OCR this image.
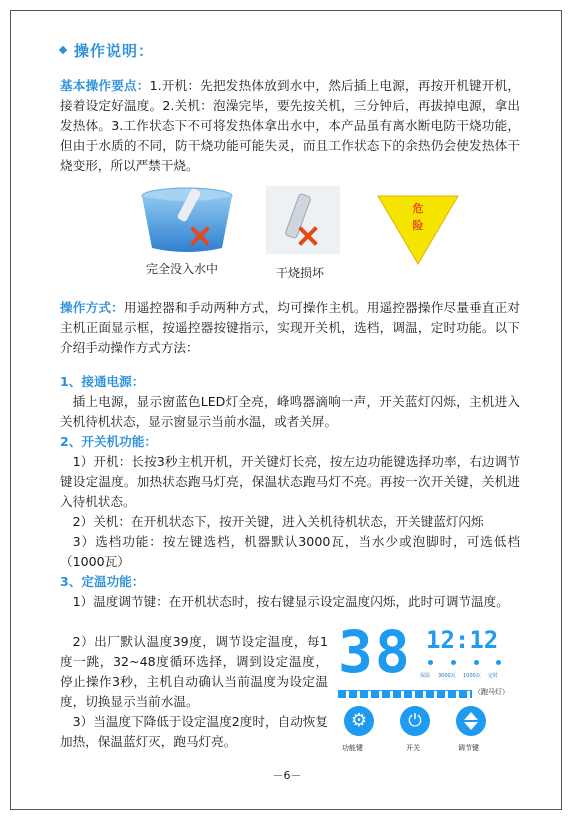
操作说明：
基本操作要点：1.开机：先把发热体放到水中，然后插上电源，再按开机键开机，接着设定好温度。2.关机：泡澡完毕，要先按关机，三分钟后，再拔掉电源，拿出发热体。3.工作状态下不可将发热体拿出水中，本产品虽有离水断电防干烧功能，但由于水质的不同，防干烧功能可能失灵，而且工作状态下的余热仍会使发热体干烧变形，所以严禁干烧。
完全没入水中	干烧损坏
危
险
操作方式：用遥控器和手动两种方式，均可操作主机。用遥控器操作尽量垂直正对主机正面显示框，按遥控器按键指示，实现开关机，选档，调温，定时功能。以下介绍手动操作方式方法：
1、接通电源：
插上电源，显示窗蓝色LED灯全亮，峰鸣器滴响一声，开关蓝灯闪烁，主机进入关机待机状态，显示窗显示当前水温，或者关屏。
2、开关机功能：
1）开机：长按3秒主机开机，开关键灯长亮，按左边功能键选择功率，右边调节键设定温度。加热状态跑马灯亮，保温状态跑马灯不亮。再按一次开关键，关机进入待机状态。
2）关机：在开机状态下，按开关键，进入关机待机状态，开关键蓝灯闪烁
3）选档功能：按左键选档，机器默认3000瓦，当水少或泡脚时，可选低档（1000瓦）
3、定温功能：
1）温度调节键：在开机状态时，按右键显示设定温度闪烁，此时可调节温度。
2）出厂默认温度39度，调节设定温度，每1度一跳，32~48度循环选择，调到设定温度，停止操作3秒，主机自动确认当前温度为设定温度，切换显示当前水温。
3）当温度下降低于设定温度2度时，自动恢复加热，保温蓝灯灭，跑马灯亮。
38 12:12
保温 3000瓦 1000瓦 定时
（跑马灯）
⚙
功能键
⏻
开关	调节键
－6－
